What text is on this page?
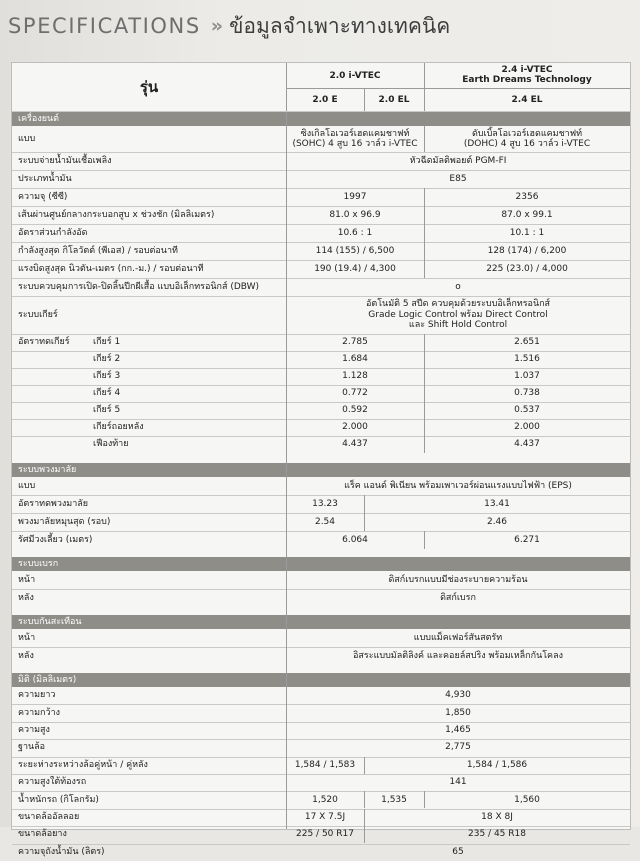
SPECIFICATIONS » ข้อมูลจำเพาะทางเทคนิค
รุ่น
2.0 i-VTEC
2.4 i-VTEC
Earth Dreams Technology
2.0 E	2.0 EL	2.4 EL
เครื่องยนต์
แบบ	ซิงเกิลโอเวอร์เฮดแคมชาฟท์
(SOHC) 4 สูบ 16 วาล์ว i-VTEC
ดับเบิ้ลโอเวอร์เฮดแคมชาฟท์
(DOHC) 4 สูบ 16 วาล์ว i-VTEC
ระบบจ่ายน้ำมันเชื้อเพลิง	หัวฉีดมัลติพอยต์ PGM-FI
ประเภทน้ำมัน	E85
ความจุ (ซีซี)	1997	2356
เส้นผ่านศูนย์กลางกระบอกสูบ x ช่วงชัก (มิลลิเมตร)	81.0 x 96.9	87.0 x 99.1
อัตราส่วนกำลังอัด	10.6 : 1	10.1 : 1
กำลังสูงสุด กิโลวัตต์ (พีเอส) / รอบต่อนาที	114 (155) / 6,500	128 (174) / 6,200
แรงบิดสูงสุด นิวตัน-เมตร (กก.-ม.) / รอบต่อนาที	190 (19.4) / 4,300	225 (23.0) / 4,000
ระบบควบคุมการเปิด-ปิดลิ้นปีกผีเสื้อ แบบอิเล็กทรอนิกส์ (DBW)	o
ระบบเกียร์
อัตโนมัติ 5 สปีด ควบคุมด้วยระบบอิเล็กทรอนิกส์
Grade Logic Control พร้อม Direct Control
และ Shift Hold Control
อัตราทดเกียร์	เกียร์ 1	2.785	2.651
เกียร์ 2	1.684	1.516
เกียร์ 3	1.128	1.037
เกียร์ 4	0.772	0.738
เกียร์ 5	0.592	0.537
เกียร์ถอยหลัง	2.000	2.000
เฟืองท้าย	4.437	4.437
ระบบพวงมาลัย
แบบ	แร็ค แอนด์ พิเนียน พร้อมเพาเวอร์ผ่อนแรงแบบไฟฟ้า (EPS)
อัตราทดพวงมาลัย	13.23	13.41
พวงมาลัยหมุนสุด (รอบ)	2.54	2.46
รัศมีวงเลี้ยว (เมตร)	6.064	6.271
ระบบเบรก
หน้า	ดิสก์เบรกแบบมีช่องระบายความร้อน
หลัง	ดิสก์เบรก
ระบบกันสะเทือน
หน้า	แบบแม็คเฟอร์สันสตรัท
หลัง	อิสระแบบมัลติลิงค์ และคอยล์สปริง พร้อมเหล็กกันโคลง
มิติ (มิลลิเมตร)
ความยาว	4,930
ความกว้าง	1,850
ความสูง	1,465
ฐานล้อ	2,775
ระยะห่างระหว่างล้อคู่หน้า / คู่หลัง	1,584 / 1,583	1,584 / 1,586
ความสูงใต้ท้องรถ	141
น้ำหนักรถ (กิโลกรัม)	1,520	1,535	1,560
ขนาดล้ออัลลอย	17 X 7.5J	18 X 8J
ขนาดล้อยาง	225 / 50 R17	235 / 45 R18
ความจุถังน้ำมัน (ลิตร)	65
